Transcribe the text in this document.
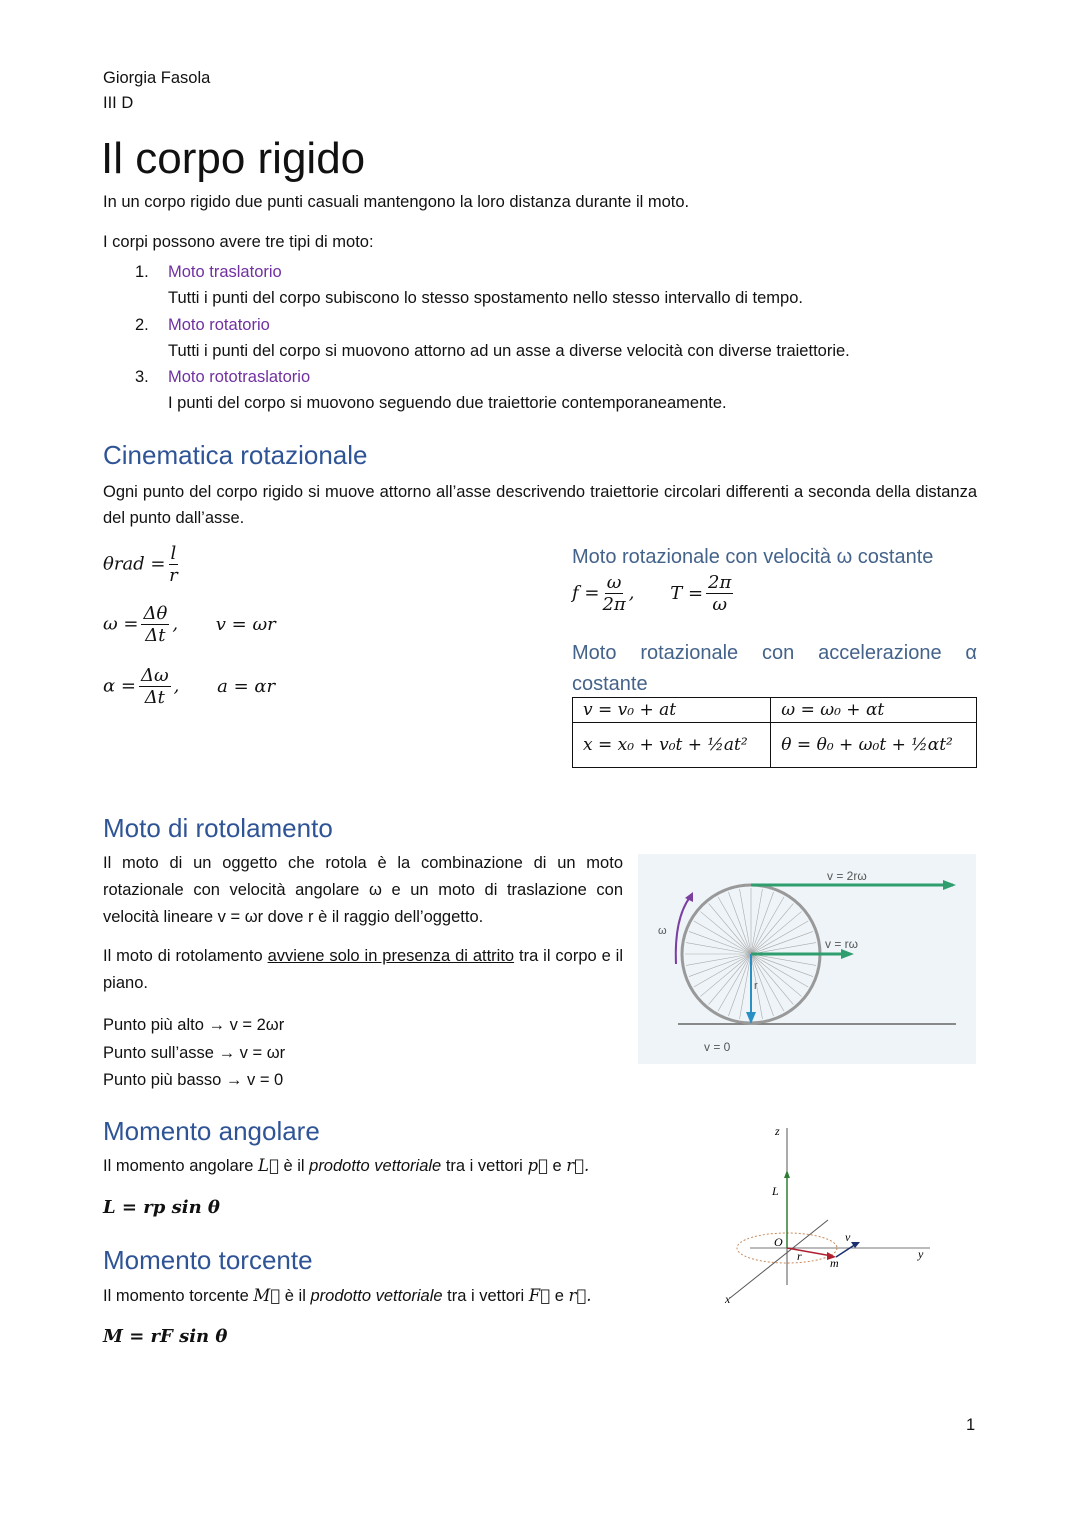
Giorgia Fasola
III D
Il corpo rigido

In un corpo rigido due punti casuali mantengono la loro distanza durante il moto.

I corpi possono avere tre tipi di moto:

1. Moto traslatorio
Tutti i punti del corpo subiscono lo stesso spostamento nello stesso intervallo di tempo.
2. Moto rotatorio
Tutti i punti del corpo si muovono attorno ad un asse a diverse velocità con diverse traiettorie.
3. Moto rototraslatorio
I punti del corpo si muovono seguendo due traiettorie contemporaneamente.
Cinematica rotazionale

Ogni punto del corpo rigido si muove attorno all’asse descrivendo traiettorie circolari differenti a seconda della distanza del punto dall’asse.

$\theta rad = \frac{l}{r}$
$\omega = \frac{\Delta\theta}{\Delta t}$ , v = ωr
$\alpha = \frac{\Delta\omega}{\Delta t}$ , a = αr
Moto rotazionale con velocità ω costante
$f = \frac{\omega}{2\pi}$ , $T = \frac{2\pi}{\omega}$
Moto rotazionale con accelerazione α costante
v = v₀ + at	ω = ω₀ + αt
x = x₀ + v₀t + ½at²	θ = θ₀ + ω₀t + ½αt²
Moto di rotolamento

Il moto di un oggetto che rotola è la combinazione di un moto rotazionale con velocità angolare ω e un moto di traslazione con velocità lineare v = ωr dove r è il raggio dell’oggetto.

Il moto di rotolamento avviene solo in presenza di attrito tra il corpo e il piano.

Punto più alto → v = 2ωr
Punto sull’asse → v = ωr
Punto più basso → v = 0
v = 2rω
v = rω
v = 0
ω
r
Momento angolare

Il momento angolare L⃗ è il prodotto vettoriale tra i vettori p⃗ e r⃗.

L = rp sin θ
Momento torcente

Il momento torcente M⃗ è il prodotto vettoriale tra i vettori F⃗ e r⃗.

M = rF sin θ
z
L
O
r m
v
y
x
1
